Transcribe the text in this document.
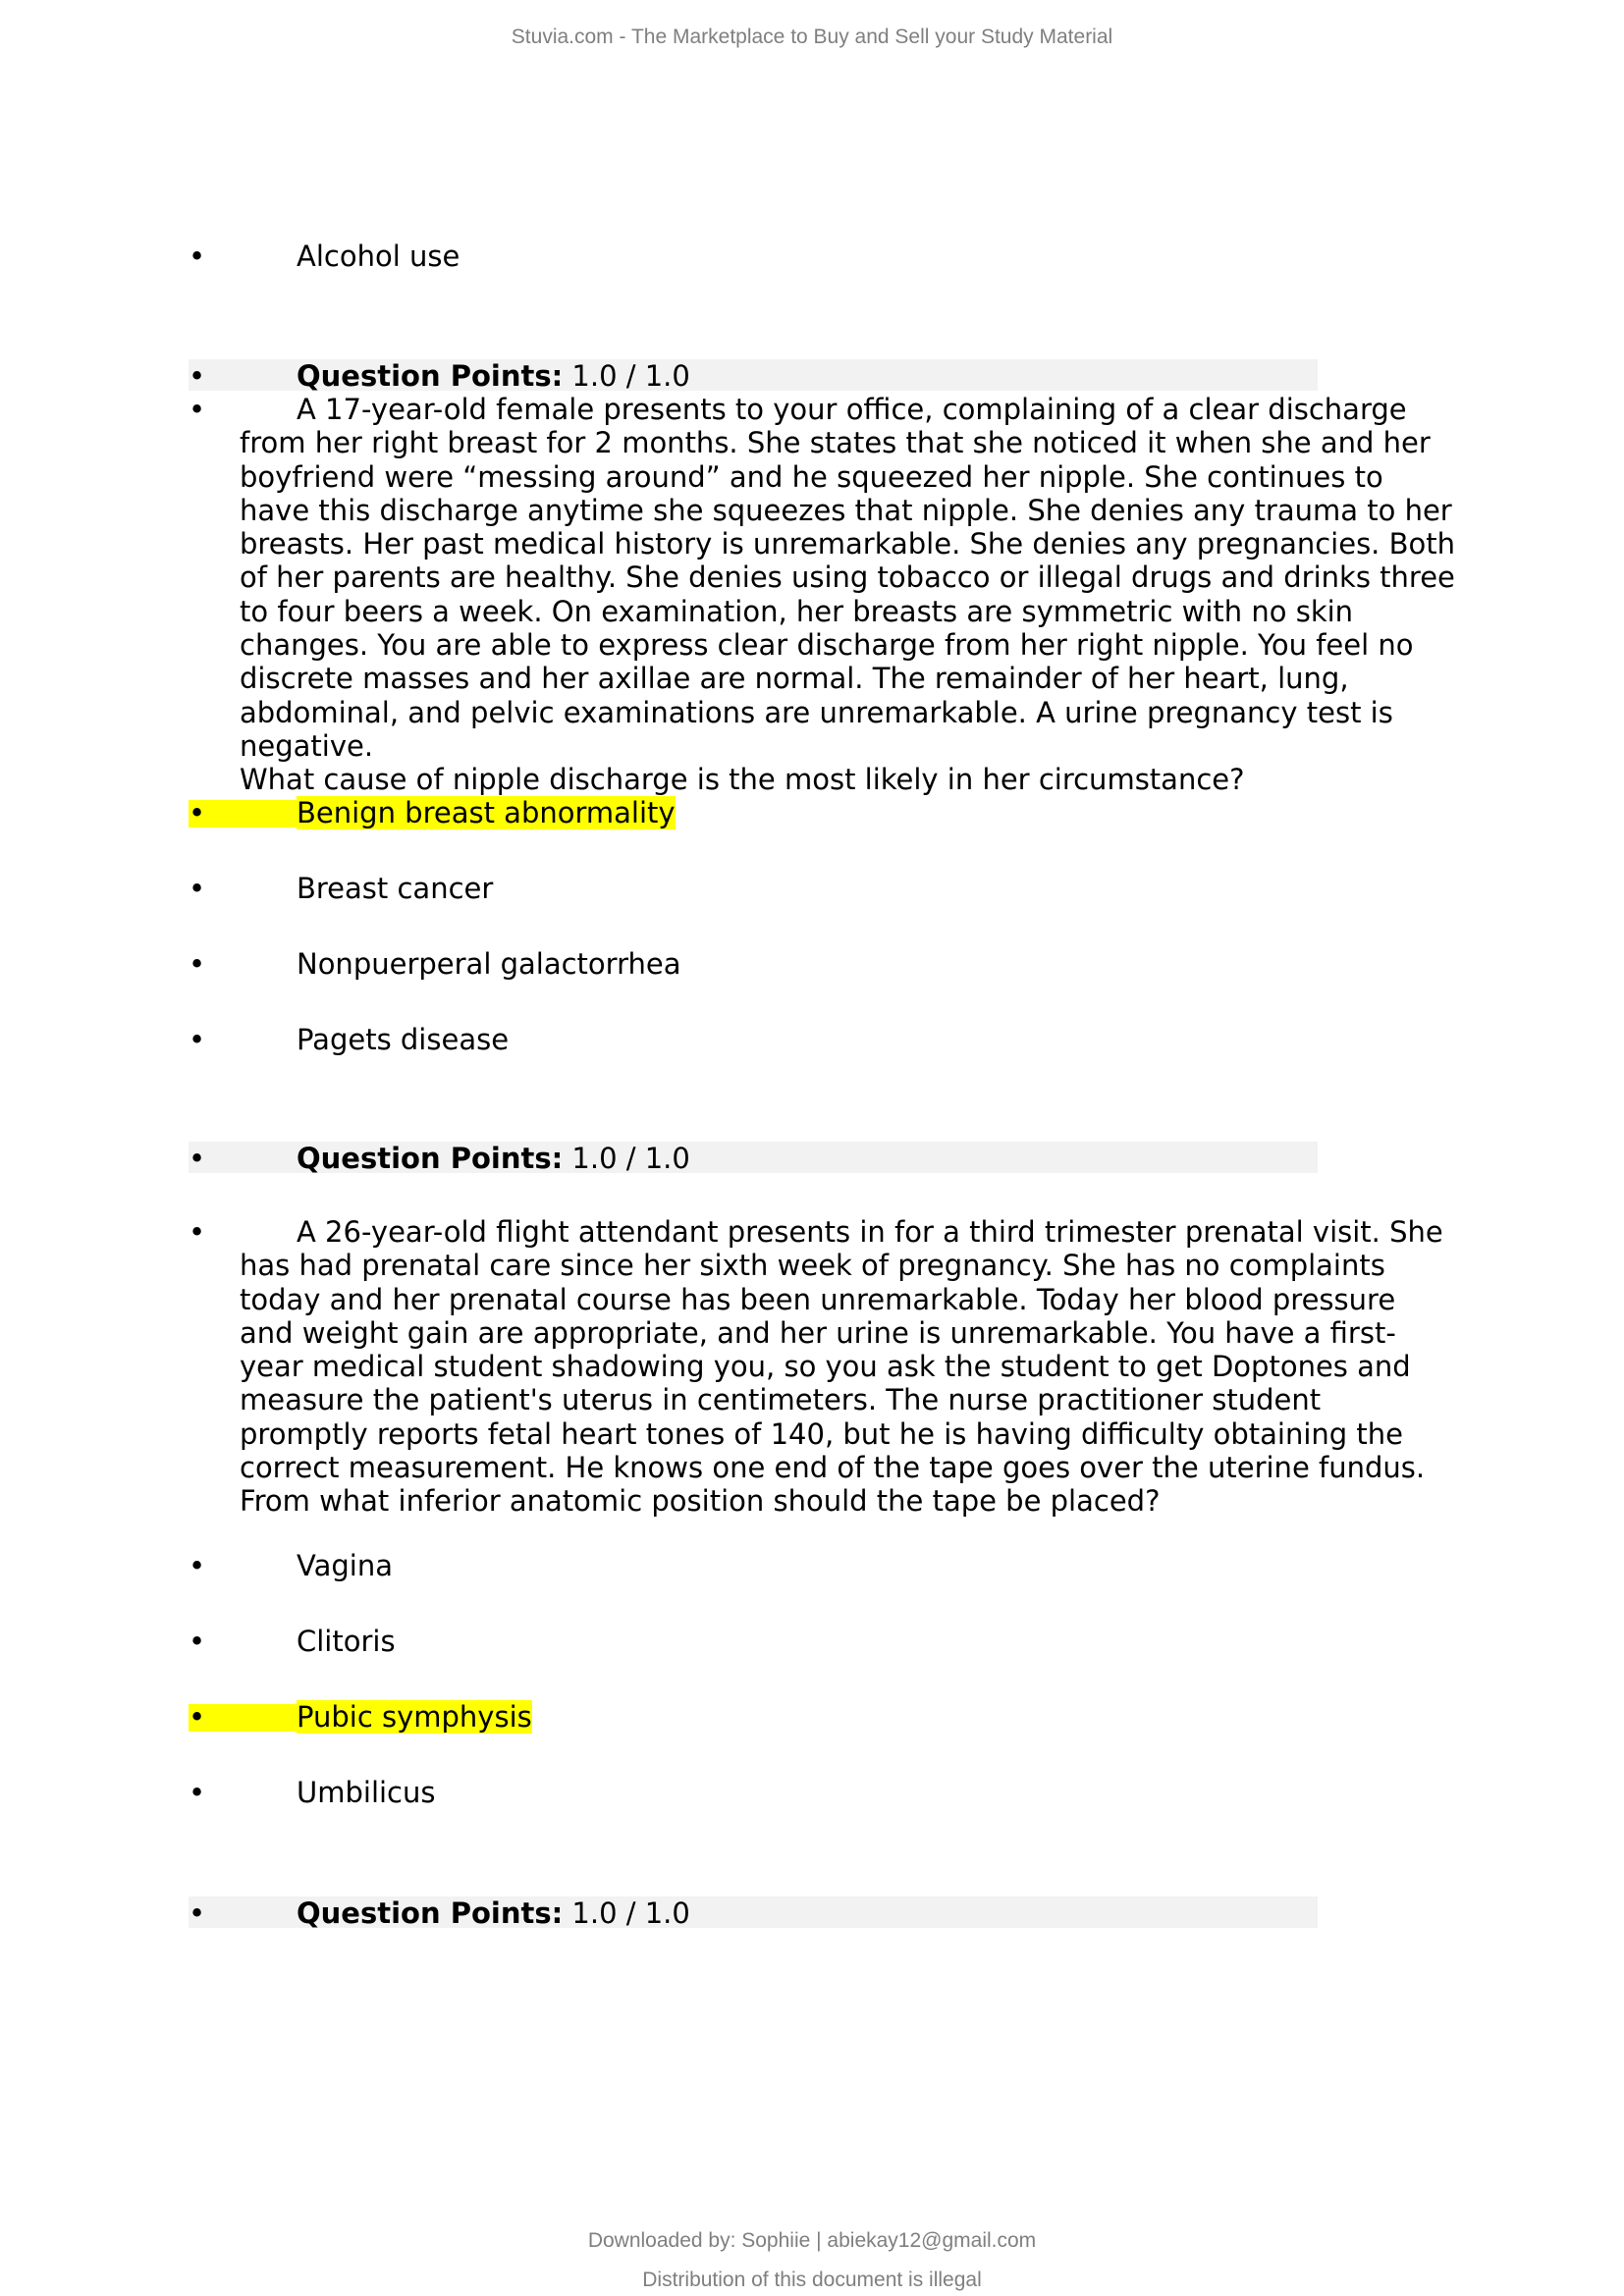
Stuvia.com - The Marketplace to Buy and Sell your Study Material
•	Alcohol use
•	Question Points: 1.0 / 1.0
•	A 17-year-old female presents to your office, complaining of a clear discharge from her right breast for 2 months. She states that she noticed it when she and her boyfriend were “messing around” and he squeezed her nipple. She continues to have this discharge anytime she squeezes that nipple. She denies any trauma to her breasts. Her past medical history is unremarkable. She denies any pregnancies. Both of her parents are healthy. She denies using tobacco or illegal drugs and drinks three to four beers a week. On examination, her breasts are symmetric with no skin changes. You are able to express clear discharge from her right nipple. You feel no discrete masses and her axillae are normal. The remainder of her heart, lung, abdominal, and pelvic examinations are unremarkable. A urine pregnancy test is negative.
What cause of nipple discharge is the most likely in her circumstance?

•	Benign breast abnormality
•	Breast cancer
•	Nonpuerperal galactorrhea
•	Pagets disease
•	Question Points: 1.0 / 1.0
•	A 26-year-old flight attendant presents in for a third trimester prenatal visit. She has had prenatal care since her sixth week of pregnancy. She has no complaints today and her prenatal course has been unremarkable. Today her blood pressure and weight gain are appropriate, and her urine is unremarkable. You have a first-year medical student shadowing you, so you ask the student to get Doptones and measure the patient's uterus in centimeters. The nurse practitioner student promptly reports fetal heart tones of 140, but he is having difficulty obtaining the correct measurement. He knows one end of the tape goes over the uterine fundus.
From what inferior anatomic position should the tape be placed?

•	Vagina
•	Clitoris
•	Pubic symphysis
•	Umbilicus
•	Question Points: 1.0 / 1.0
Downloaded by: Sophiie | abiekay12@gmail.com
Distribution of this document is illegal
